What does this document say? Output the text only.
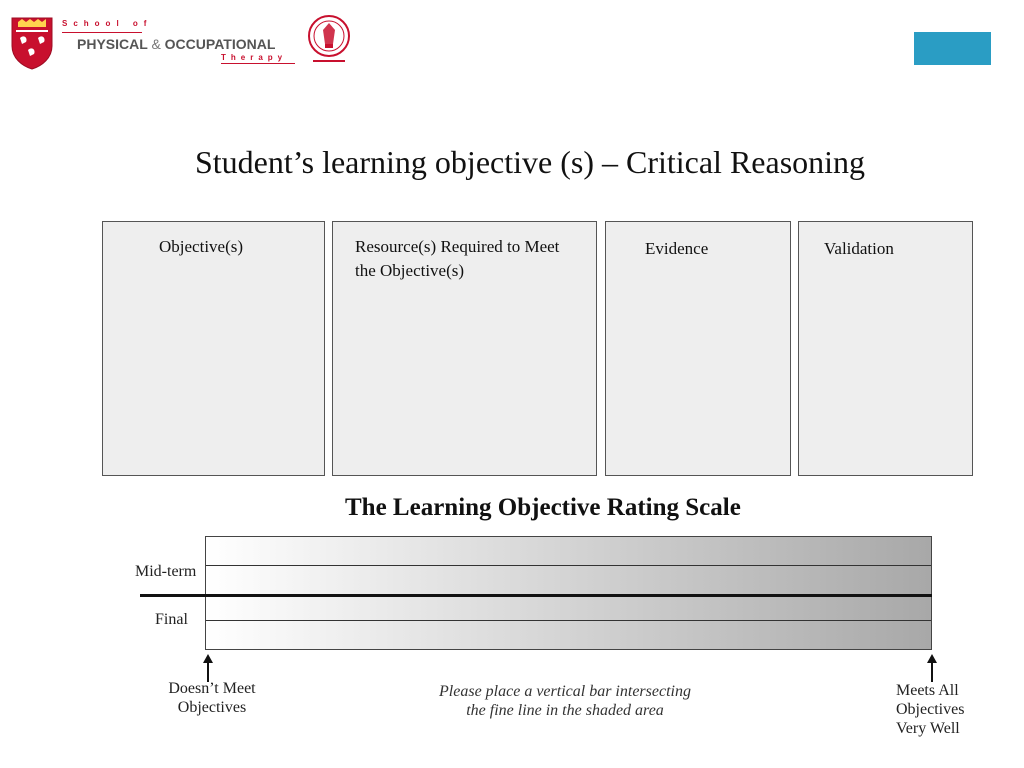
School of
PHYSICAL & OCCUPATIONAL
Therapy
Student’s learning objective (s) – Critical Reasoning
Objective(s)	Resource(s) Required to Meet the Objective(s)
Evidence	Validation
The Learning Objective Rating Scale
Mid-term
Final
Doesn’t Meet
Objectives
Please place a vertical bar intersecting
the fine line in the shaded area
Meets All
Objectives
Very Well
